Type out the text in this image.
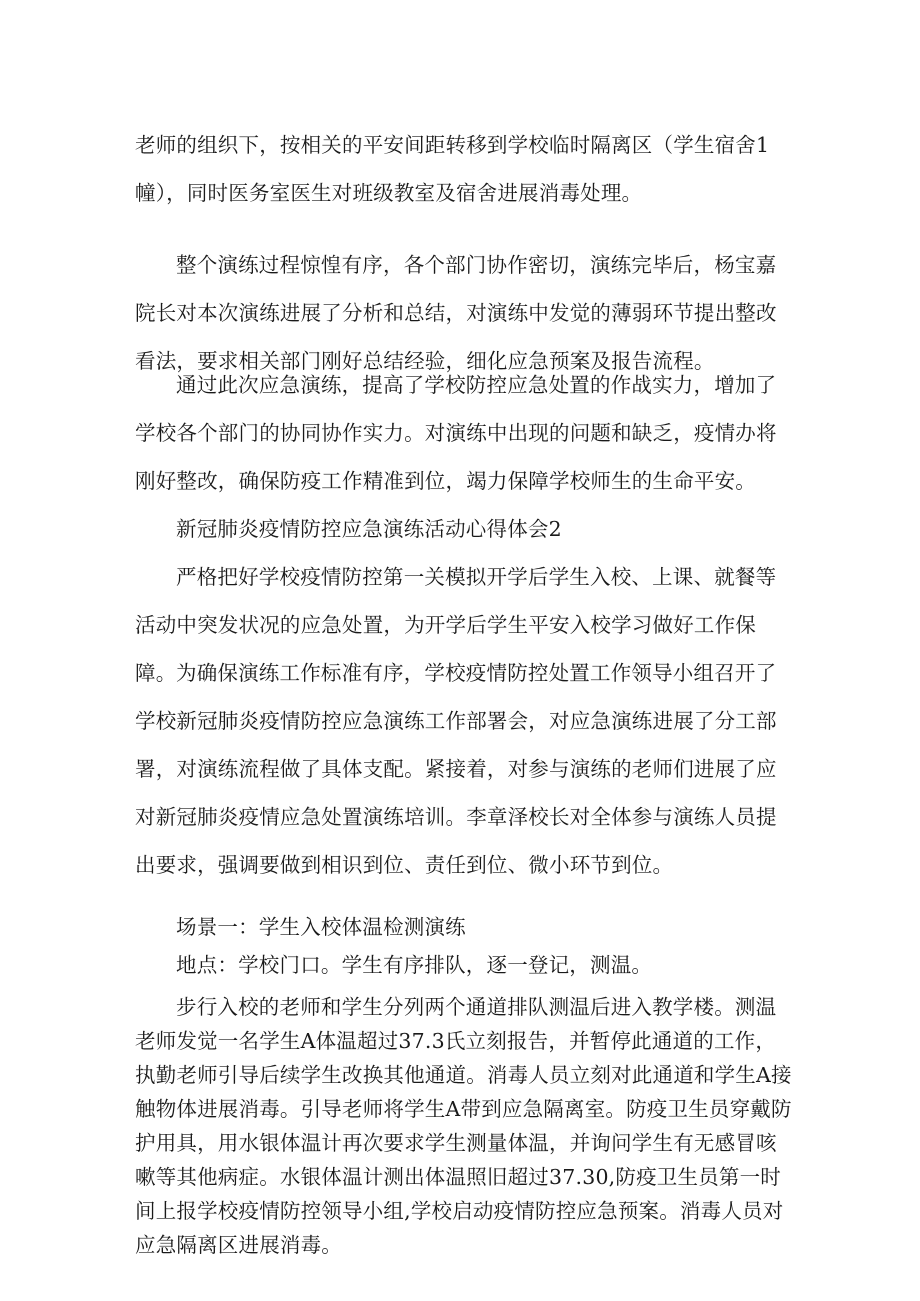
老师的组织下，按相关的平安间距转移到学校临时隔离区（学生宿舍1幢），同时医务室医生对班级教室及宿舍进展消毒处理。

整个演练过程惊惶有序，各个部门协作密切，演练完毕后，杨宝嘉院长对本次演练进展了分析和总结，对演练中发觉的薄弱环节提出整改看法，要求相关部门刚好总结经验，细化应急预案及报告流程。

通过此次应急演练，提高了学校防控应急处置的作战实力，增加了学校各个部门的协同协作实力。对演练中出现的问题和缺乏，疫情办将刚好整改，确保防疫工作精准到位，竭力保障学校师生的生命平安。

新冠肺炎疫情防控应急演练活动心得体会2

严格把好学校疫情防控第一关模拟开学后学生入校、上课、就餐等活动中突发状况的应急处置，为开学后学生平安入校学习做好工作保障。 为确保演练工作标准有序，学校疫情防控处置工作领导小组召开了学校新冠肺炎疫情防控应急演练工作部署会，对应急演练进展了分工部署，对演练流程做了具体支配。紧接着，对参与演练的老师们进展了应对新冠肺炎疫情应急处置演练培训。李章泽校长对全体参与演练人员提出要求，强调要做到相识到位、责任到位、微小环节到位。

场景一：学生入校体温检测演练

地点：学校门口。学生有序排队，逐一登记，测温。

步行入校的老师和学生分列两个通道排队测温后进入教学楼。测温老师发觉一名学生A体温超过37.3氏立刻报告，并暂停此通道的工作，执勤老师引导后续学生改换其他通道。消毒人员立刻对此通道和学生A接触物体进展消毒。引导老师将学生A带到应急隔离室。防疫卫生员穿戴防护用具，用水银体温计再次要求学生测量体温，并询问学生有无感冒咳嗽等其他病症。水银体温计测出体温照旧超过37.30,防疫卫生员第一时间上报学校疫情防控领导小组,学校启动疫情防控应急预案。消毒人员对应急隔离区进展消毒。
